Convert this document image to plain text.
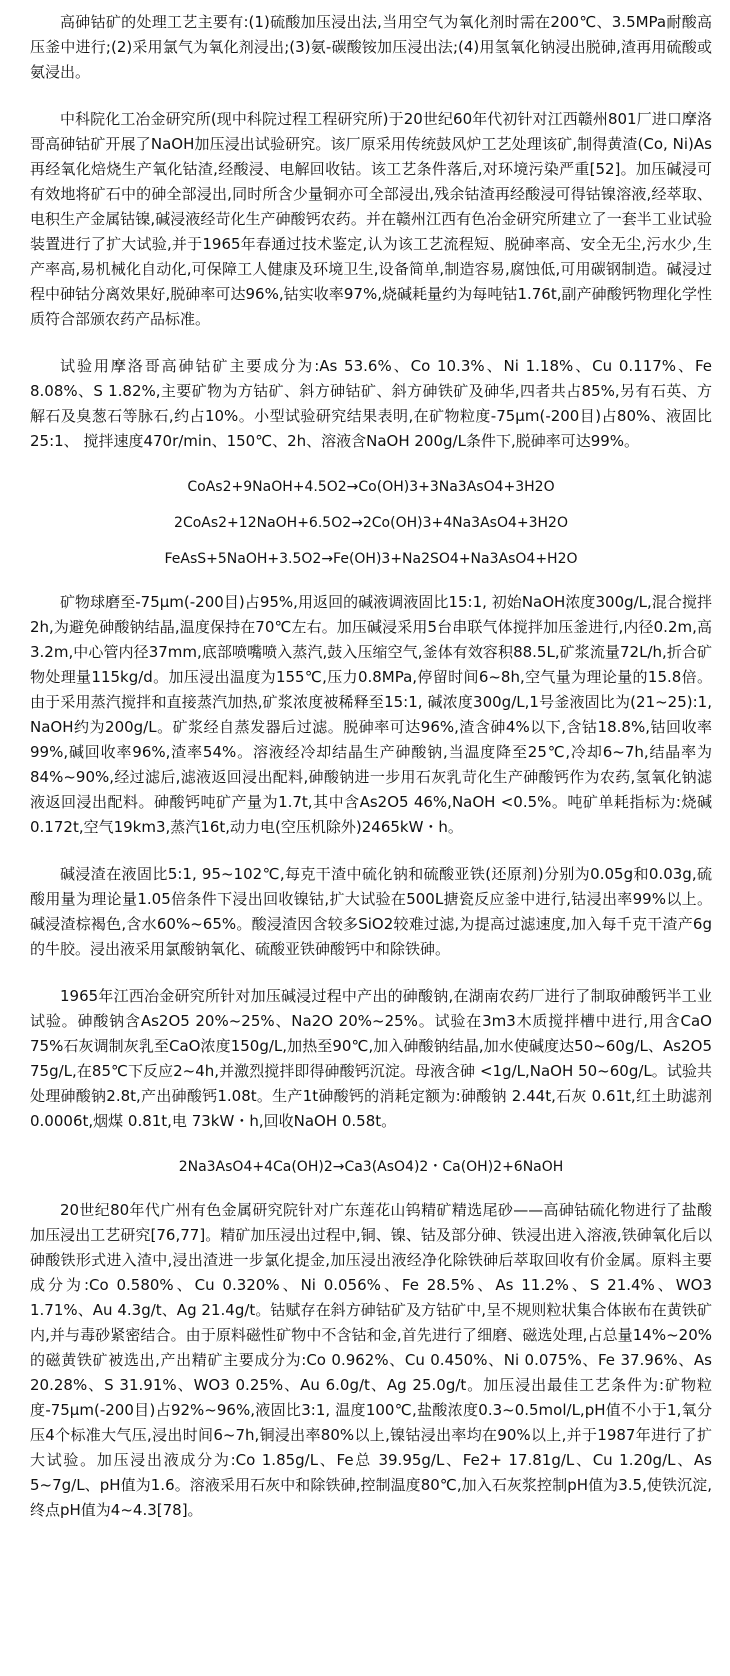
高砷钴矿的处理工艺主要有:(1)硫酸加压浸出法,当用空气为氧化剂时需在200℃、3.5MPa耐酸高压釜中进行;(2)采用氯气为氧化剂浸出;(3)氨-碳酸铵加压浸出法;(4)用氢氧化钠浸出脱砷,渣再用硫酸或氨浸出。

中科院化工冶金研究所(现中科院过程工程研究所)于20世纪60年代初针对江西赣州801厂进口摩洛哥高砷钴矿开展了NaOH加压浸出试验研究。该厂原采用传统鼓风炉工艺处理该矿,制得黄渣(Co, Ni)As再经氧化焙烧生产氧化钴渣,经酸浸、电解回收钴。该工艺条件落后,对环境污染严重[52]。加压碱浸可有效地将矿石中的砷全部浸出,同时所含少量铜亦可全部浸出,残余钴渣再经酸浸可得钴镍溶液,经萃取、电积生产金属钴镍,碱浸液经苛化生产砷酸钙农药。并在赣州江西有色冶金研究所建立了一套半工业试验装置进行了扩大试验,并于1965年春通过技术鉴定,认为该工艺流程短、脱砷率高、安全无尘,污水少,生产率高,易机械化自动化,可保障工人健康及环境卫生,设备简单,制造容易,腐蚀低,可用碳钢制造。碱浸过程中砷钴分离效果好,脱砷率可达96%,钴实收率97%,烧碱耗量约为每吨钴1.76t,副产砷酸钙物理化学性质符合部颁农药产品标准。

试验用摩洛哥高砷钴矿主要成分为:As 53.6%、Co 10.3%、Ni 1.18%、Cu 0.117%、Fe 8.08%、S 1.82%,主要矿物为方钴矿、斜方砷钴矿、斜方砷铁矿及砷华,四者共占85%,另有石英、方解石及臭葱石等脉石,约占10%。小型试验研究结果表明,在矿物粒度-75μm(-200目)占80%、液固比25:1、 搅拌速度470r/min、150℃、2h、溶液含NaOH 200g/L条件下,脱砷率可达99%。

CoAs2+9NaOH+4.5O2→Co(OH)3+3Na3AsO4+3H2O
2CoAs2+12NaOH+6.5O2→2Co(OH)3+4Na3AsO4+3H2O
FeAsS+5NaOH+3.5O2→Fe(OH)3+Na2SO4+Na3AsO4+H2O

矿物球磨至-75μm(-200目)占95%,用返回的碱液调液固比15:1, 初始NaOH浓度300g/L,混合搅拌2h,为避免砷酸钠结晶,温度保持在70℃左右。加压碱浸采用5台串联气体搅拌加压釜进行,内径0.2m,高3.2m,中心管内径37mm,底部喷嘴喷入蒸汽,鼓入压缩空气,釜体有效容积88.5L,矿浆流量72L/h,折合矿物处理量115kg/d。加压浸出温度为155℃,压力0.8MPa,停留时间6~8h,空气量为理论量的15.8倍。由于采用蒸汽搅拌和直接蒸汽加热,矿浆浓度被稀释至15:1, 碱浓度300g/L,1号釜液固比为(21~25):1, NaOH约为200g/L。矿浆经自蒸发器后过滤。脱砷率可达96%,渣含砷4%以下,含钴18.8%,钴回收率99%,碱回收率96%,渣率54%。溶液经冷却结晶生产砷酸钠,当温度降至25℃,冷却6~7h,结晶率为84%~90%,经过滤后,滤液返回浸出配料,砷酸钠进一步用石灰乳苛化生产砷酸钙作为农药,氢氧化钠滤液返回浸出配料。砷酸钙吨矿产量为1.7t,其中含As2O5 46%,NaOH <0.5%。吨矿单耗指标为:烧碱0.172t,空气19km3,蒸汽16t,动力电(空压机除外)2465kW・h。

碱浸渣在液固比5:1, 95~102℃,每克干渣中硫化钠和硫酸亚铁(还原剂)分别为0.05g和0.03g,硫酸用量为理论量1.05倍条件下浸出回收镍钴,扩大试验在500L搪瓷反应釜中进行,钴浸出率99%以上。碱浸渣棕褐色,含水60%~65%。酸浸渣因含较多SiO2较难过滤,为提高过滤速度,加入每千克干渣产6g的牛胶。浸出液采用氯酸钠氧化、硫酸亚铁砷酸钙中和除铁砷。

1965年江西冶金研究所针对加压碱浸过程中产出的砷酸钠,在湖南农药厂进行了制取砷酸钙半工业试验。砷酸钠含As2O5 20%~25%、Na2O 20%~25%。试验在3m3木质搅拌槽中进行,用含CaO 75%石灰调制灰乳至CaO浓度150g/L,加热至90℃,加入砷酸钠结晶,加水使碱度达50~60g/L、As2O5 75g/L,在85℃下反应2~4h,并激烈搅拌即得砷酸钙沉淀。母液含砷 <1g/L,NaOH 50~60g/L。试验共处理砷酸钠2.8t,产出砷酸钙1.08t。生产1t砷酸钙的消耗定额为:砷酸钠 2.44t,石灰 0.61t,红土助滤剂0.0006t,烟煤 0.81t,电 73kW・h,回收NaOH 0.58t。

2Na3AsO4+4Ca(OH)2→Ca3(AsO4)2・Ca(OH)2+6NaOH

20世纪80年代广州有色金属研究院针对广东莲花山钨精矿精选尾砂——高砷钴硫化物进行了盐酸加压浸出工艺研究[76,77]。精矿加压浸出过程中,铜、镍、钴及部分砷、铁浸出进入溶液,铁砷氧化后以砷酸铁形式进入渣中,浸出渣进一步氯化提金,加压浸出液经净化除铁砷后萃取回收有价金属。原料主要成分为:Co 0.580%、Cu 0.320%、Ni 0.056%、Fe 28.5%、As 11.2%、S 21.4%、WO3 1.71%、Au 4.3g/t、Ag 21.4g/t。钴赋存在斜方砷钴矿及方钴矿中,呈不规则粒状集合体嵌布在黄铁矿内,并与毒砂紧密结合。由于原料磁性矿物中不含钴和金,首先进行了细磨、磁选处理,占总量14%~20%的磁黄铁矿被选出,产出精矿主要成分为:Co 0.962%、Cu 0.450%、Ni 0.075%、Fe 37.96%、As 20.28%、S 31.91%、WO3 0.25%、Au 6.0g/t、Ag 25.0g/t。加压浸出最佳工艺条件为:矿物粒度-75μm(-200目)占92%~96%,液固比3:1, 温度100℃,盐酸浓度0.3~0.5mol/L,pH值不小于1,氧分压4个标准大气压,浸出时间6~7h,铜浸出率80%以上,镍钴浸出率均在90%以上,并于1987年进行了扩大试验。加压浸出液成分为:Co 1.85g/L、Fe总 39.95g/L、Fe2+ 17.81g/L、Cu 1.20g/L、As 5~7g/L、pH值为1.6。溶液采用石灰中和除铁砷,控制温度80℃,加入石灰浆控制pH值为3.5,使铁沉淀,终点pH值为4~4.3[78]。
